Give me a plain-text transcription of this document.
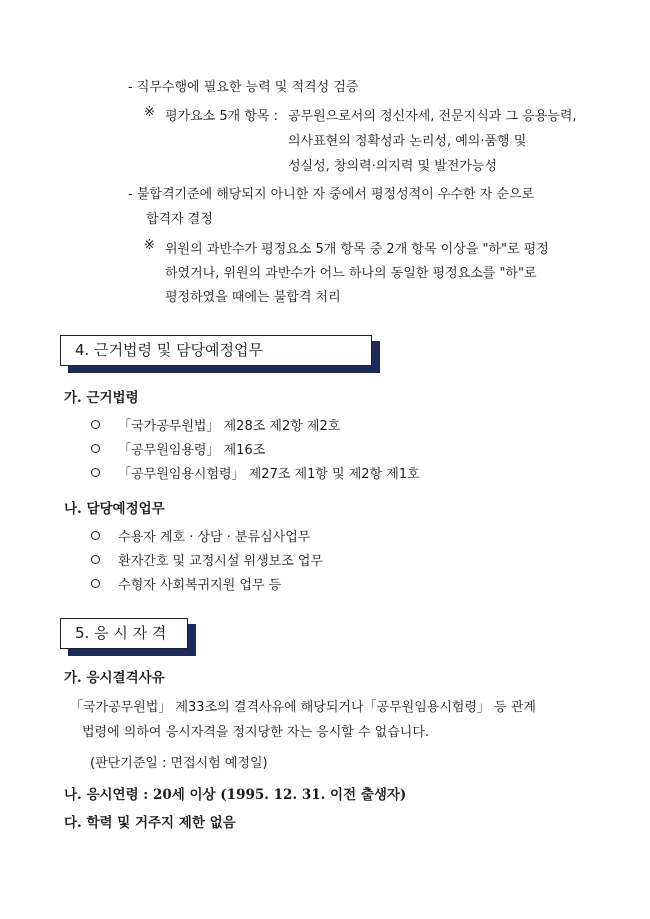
- 직무수행에 필요한 능력 및 적격성 검증
※ 평가요소 5개 항목 : 공무원으로서의 정신자세, 전문지식과 그 응용능력,
의사표현의 정확성과 논리성, 예의·품행 및
성실성, 창의력·의지력 및 발전가능성
- 불합격기준에 해당되지 아니한 자 중에서 평정성적이 우수한 자 순으로
합격자 결정
※ 위원의 과반수가 평정요소 5개 항목 중 2개 항목 이상을 "하"로 평정
하였거나, 위원의 과반수가 어느 하나의 동일한 평정요소를 "하"로
평정하였을 때에는 불합격 처리
4. 근거법령 및 담당예정업무
가. 근거법령
「국가공무원법」 제28조 제2항 제2호
「공무원임용령」 제16조
「공무원임용시험령」 제27조 제1항 및 제2항 제1호
나. 담당예정업무
수용자 계호 · 상담 · 분류심사업무
환자간호 및 교정시설 위생보조 업무
수형자 사회복귀지원 업무 등
5. 응 시 자 격
가. 응시결격사유
「국가공무원법」 제33조의 결격사유에 해당되거나「공무원임용시험령」 등 관계
법령에 의하여 응시자격을 정지당한 자는 응시할 수 없습니다.
(판단기준일 : 면접시험 예정일)
나. 응시연령 : 20세 이상 (1995. 12. 31. 이전 출생자)
다. 학력 및 거주지 제한 없음
